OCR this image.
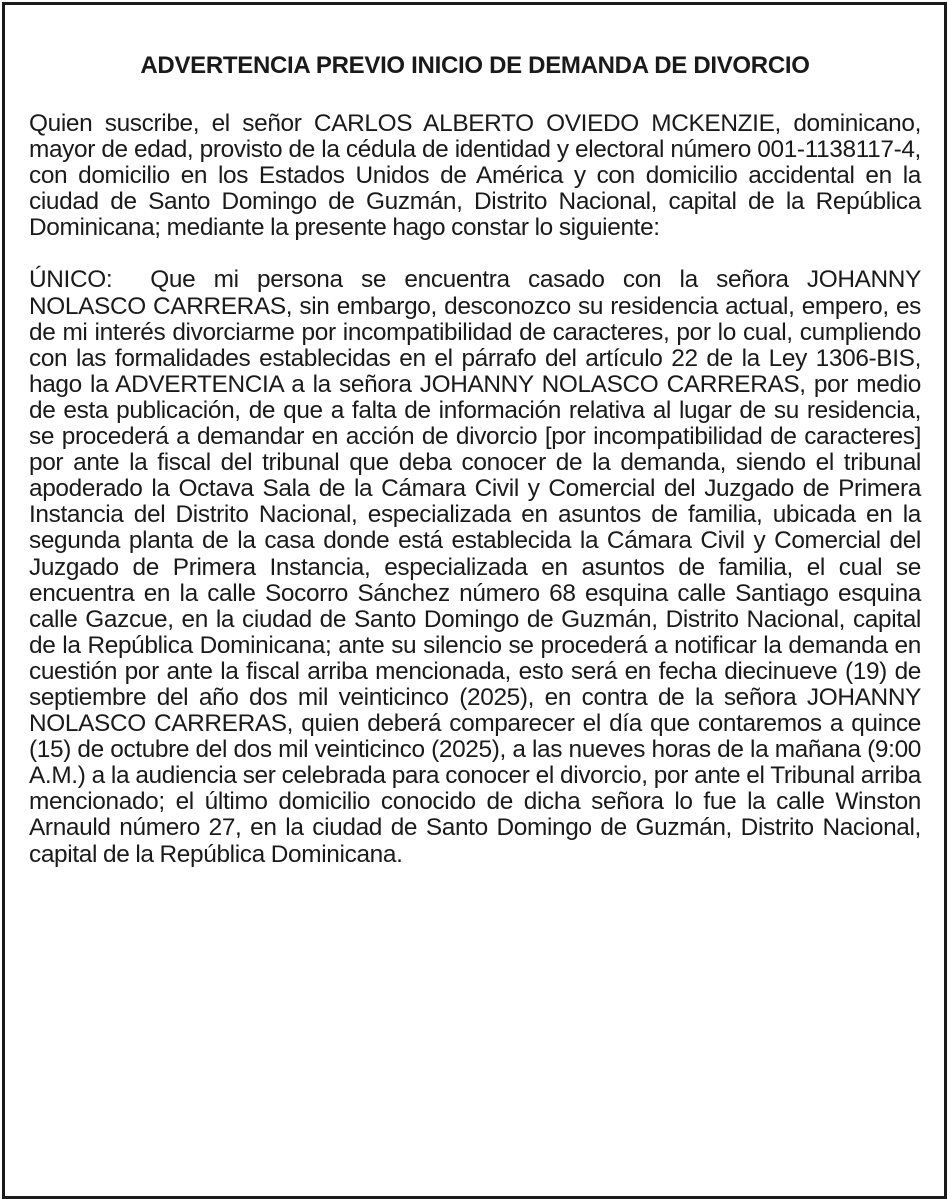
ADVERTENCIA PREVIO INICIO DE DEMANDA DE DIVORCIO

Quien suscribe, el señor CARLOS ALBERTO OVIEDO MCKENZIE, dominicano, mayor de edad, provisto de la cédula de identidad y electoral número 001-1138117-4, con domicilio en los Estados Unidos de América y con domicilio accidental en la ciudad de Santo Domingo de Guzmán, Distrito Nacional, capital de la República Dominicana; mediante la presente hago constar lo siguiente:

ÚNICO: Que mi persona se encuentra casado con la señora JOHANNY NOLASCO CARRERAS, sin embargo, desconozco su residencia actual, empero, es de mi interés divorciarme por incompatibilidad de caracteres, por lo cual, cumpliendo con las formalidades establecidas en el párrafo del artículo 22 de la Ley 1306-BIS, hago la ADVERTENCIA a la señora JOHANNY NOLASCO CARRERAS, por medio de esta publicación, de que a falta de información relativa al lugar de su residencia, se procederá a demandar en acción de divorcio [por incompatibilidad de caracteres] por ante la fiscal del tribunal que deba conocer de la demanda, siendo el tribunal apoderado la Octava Sala de la Cámara Civil y Comercial del Juzgado de Primera Instancia del Distrito Nacional, especializada en asuntos de familia, ubicada en la segunda planta de la casa donde está establecida la Cámara Civil y Comercial del Juzgado de Primera Instancia, especializada en asuntos de familia, el cual se encuentra en la calle Socorro Sánchez número 68 esquina calle Santiago esquina calle Gazcue, en la ciudad de Santo Domingo de Guzmán, Distrito Nacional, capital de la República Dominicana; ante su silencio se procederá a notificar la demanda en cuestión por ante la fiscal arriba mencionada, esto será en fecha diecinueve (19) de septiembre del año dos mil veinticinco (2025), en contra de la señora JOHANNY NOLASCO CARRERAS, quien deberá comparecer el día que contaremos a quince (15) de octubre del dos mil veinticinco (2025), a las nueves horas de la mañana (9:00 A.M.) a la audiencia ser celebrada para conocer el divorcio, por ante el Tribunal arriba mencionado; el último domicilio conocido de dicha señora lo fue la calle Winston Arnauld número 27, en la ciudad de Santo Domingo de Guzmán, Distrito Nacional, capital de la República Dominicana.
